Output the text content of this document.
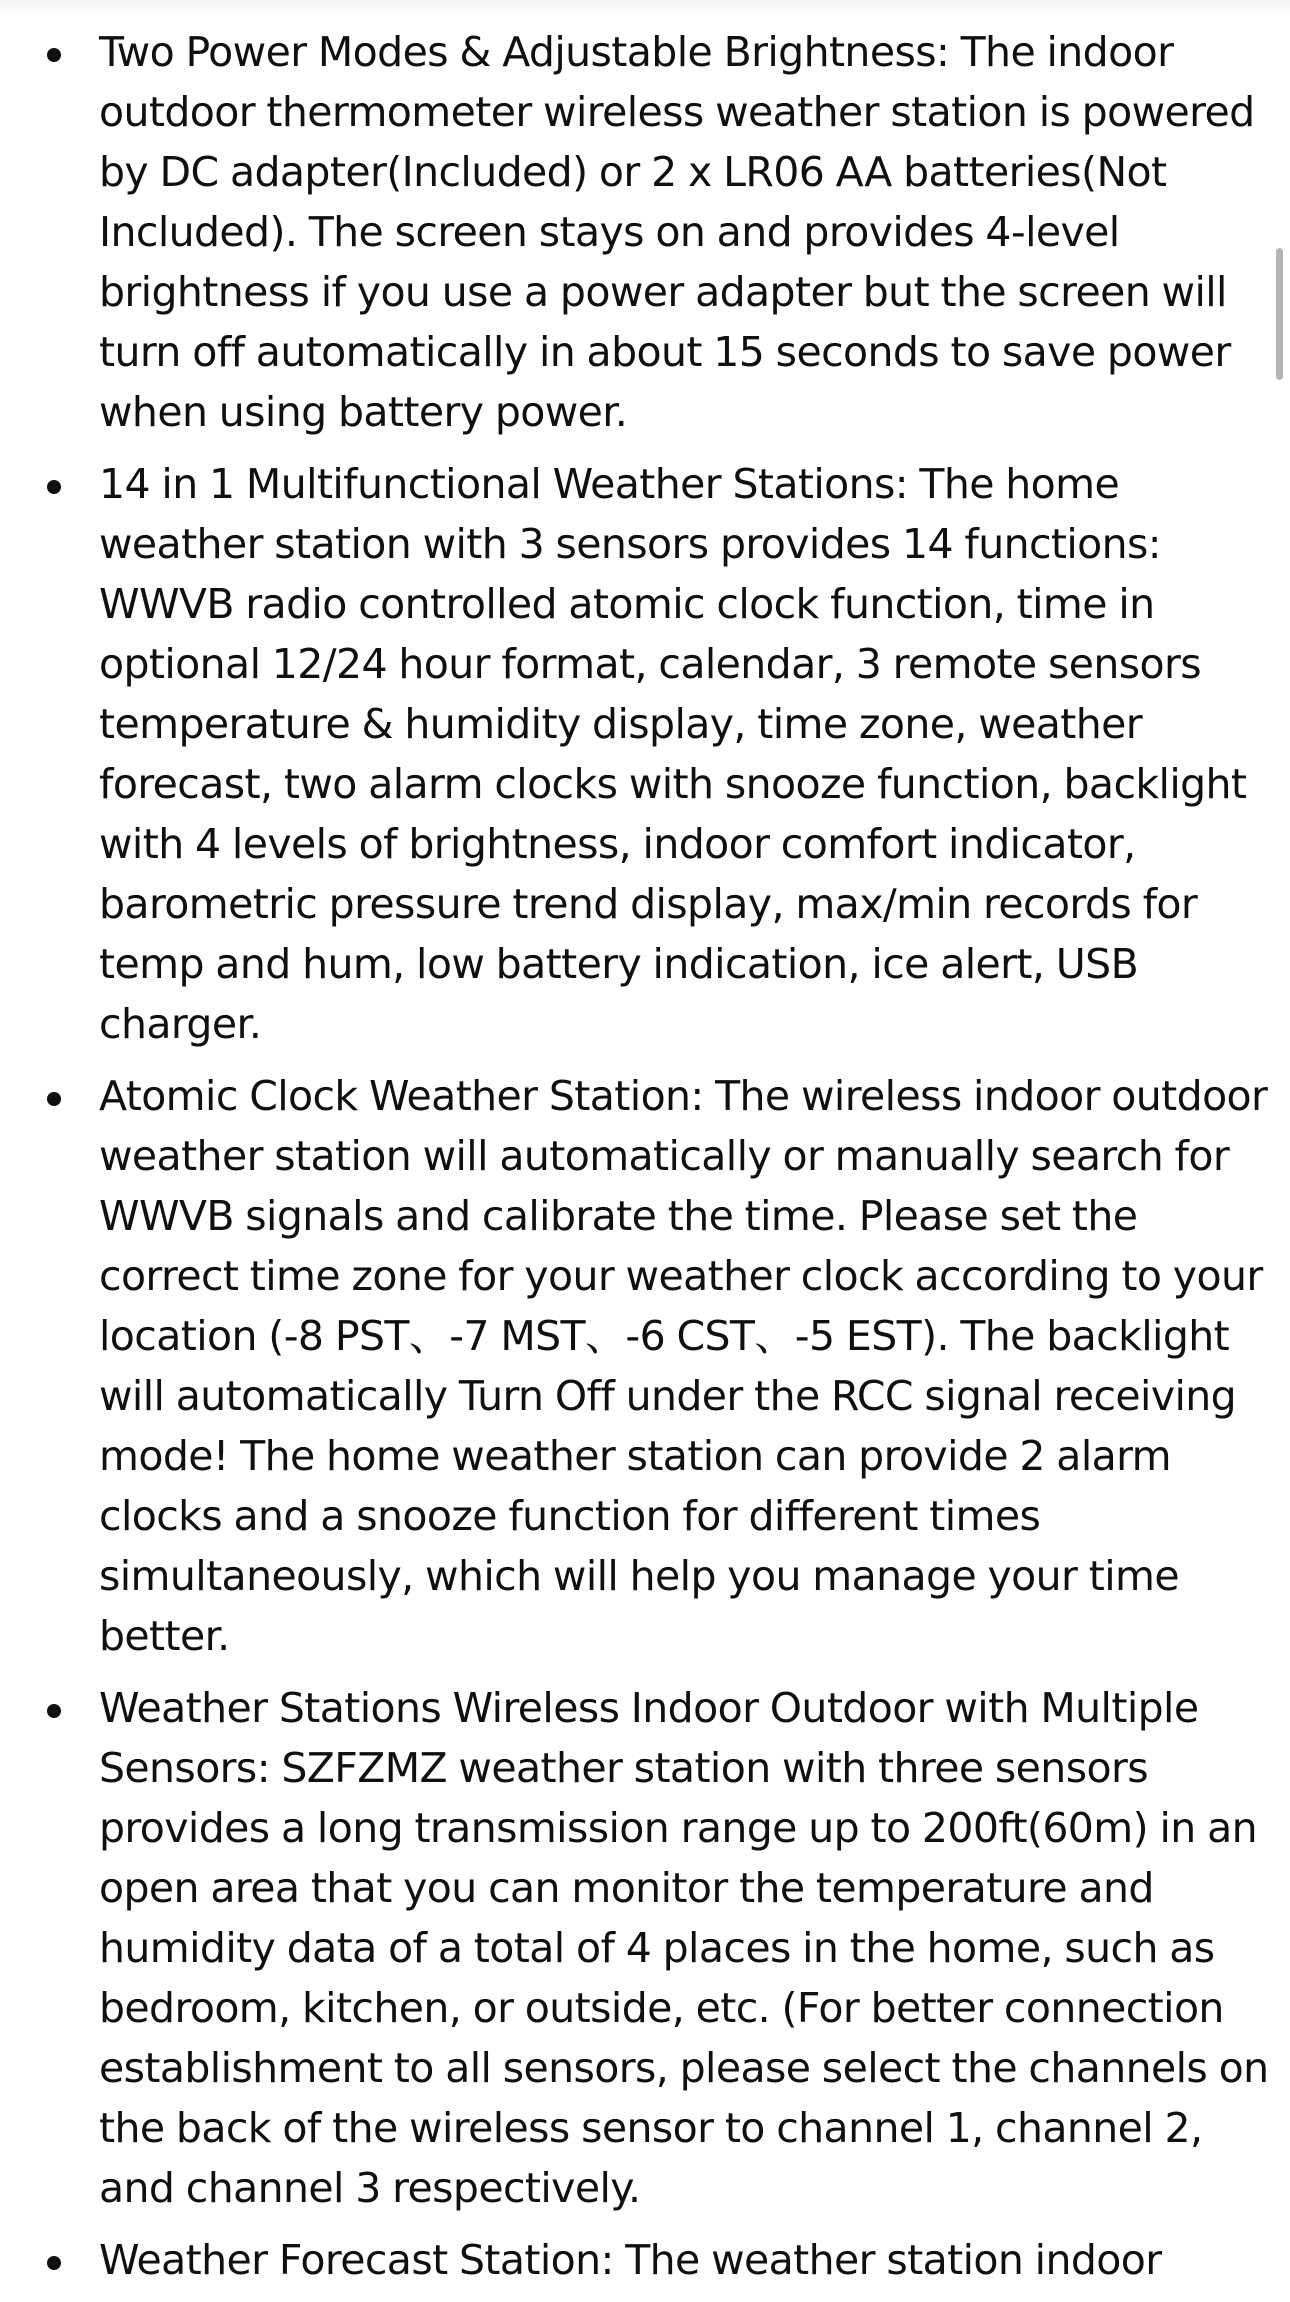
Two Power Modes & Adjustable Brightness: The indoor outdoor thermometer wireless weather station is powered by DC adapter(Included) or 2 x LR06 AA batteries(Not Included). The screen stays on and provides 4-level brightness if you use a power adapter but the screen will turn off automatically in about 15 seconds to save power when using battery power.
14 in 1 Multifunctional Weather Stations: The home weather station with 3 sensors provides 14 functions: WWVB radio controlled atomic clock function, time in optional 12/24 hour format, calendar, 3 remote sensors temperature & humidity display, time zone, weather forecast, two alarm clocks with snooze function, backlight with 4 levels of brightness, indoor comfort indicator, barometric pressure trend display, max/min records for temp and hum, low battery indication, ice alert, USB charger.
Atomic Clock Weather Station: The wireless indoor outdoor weather station will automatically or manually search for WWVB signals and calibrate the time. Please set the correct time zone for your weather clock according to your location (-8 PST、-7 MST、-6 CST、-5 EST). The backlight will automatically Turn Off under the RCC signal receiving mode! The home weather station can provide 2 alarm clocks and a snooze function for different times simultaneously, which will help you manage your time better.
Weather Stations Wireless Indoor Outdoor with Multiple Sensors: SZFZMZ weather station with three sensors provides a long transmission range up to 200ft(60m) in an open area that you can monitor the temperature and humidity data of a total of 4 places in the home, such as bedroom, kitchen, or outside, etc. (For better connection establishment to all sensors, please select the channels on the back of the wireless sensor to channel 1, channel 2, and channel 3 respectively.
Weather Forecast Station: The weather station indoor
